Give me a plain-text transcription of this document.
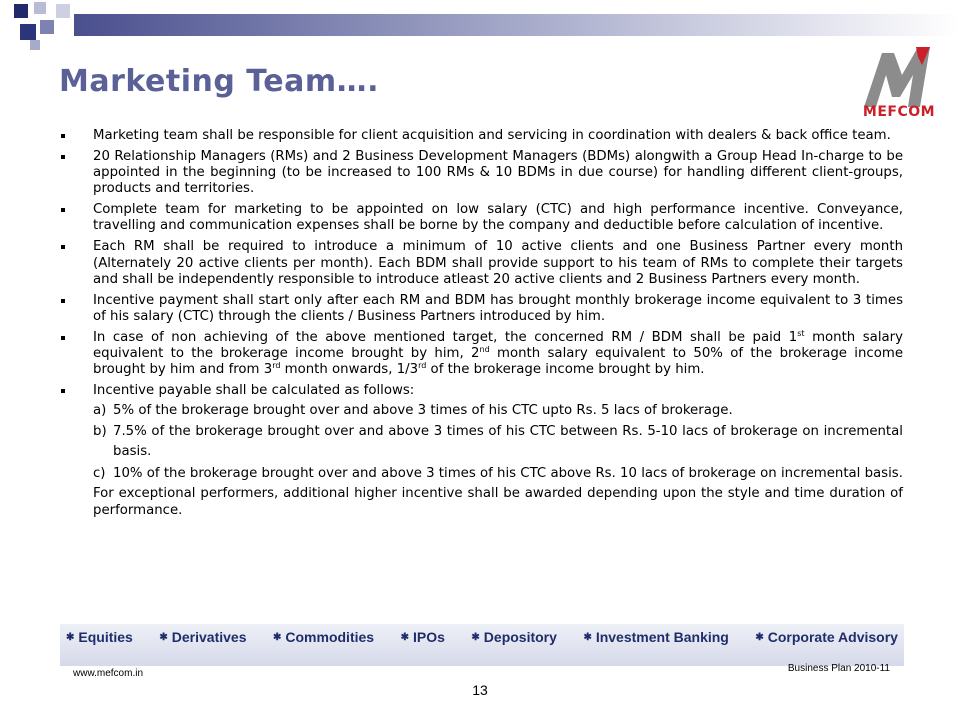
Marketing Team….
MEFCOM
Marketing team shall be responsible for client acquisition and servicing in coordination with dealers & back office team.
20 Relationship Managers (RMs) and 2 Business Development Managers (BDMs) alongwith a Group Head In-charge to be appointed in the beginning (to be increased to 100 RMs & 10 BDMs in due course) for handling different client-groups, products and territories.
Complete team for marketing to be appointed on low salary (CTC) and high performance incentive. Conveyance, travelling and communication expenses shall be borne by the company and deductible before calculation of incentive.
Each RM shall be required to introduce a minimum of 10 active clients and one Business Partner every month (Alternately 20 active clients per month). Each BDM shall provide support to his team of RMs to complete their targets and shall be independently responsible to introduce atleast 20 active clients and 2 Business Partners every month.
Incentive payment shall start only after each RM and BDM has brought monthly brokerage income equivalent to 3 times of his salary (CTC) through the clients / Business Partners introduced by him.
In case of non achieving of the above mentioned target, the concerned RM / BDM shall be paid 1st month salary equivalent to the brokerage income brought by him, 2nd month salary equivalent to 50% of the brokerage income brought by him and from 3rd month onwards, 1/3rd of the brokerage income brought by him.
Incentive payable shall be calculated as follows:
a) 5% of the brokerage brought over and above 3 times of his CTC upto Rs. 5 lacs of brokerage.
b) 7.5% of the brokerage brought over and above 3 times of his CTC between Rs. 5-10 lacs of brokerage on incremental basis.
c) 10% of the brokerage brought over and above 3 times of his CTC above Rs. 10 lacs of brokerage on incremental basis.
For exceptional performers, additional higher incentive shall be awarded depending upon the style and time duration of performance.
✱ Equities	✱ Derivatives	✱ Commodities	✱ IPOs	✱ Depository	✱ Investment Banking	✱ Corporate Advisory
www.mefcom.in	Business Plan 2010-11
13
